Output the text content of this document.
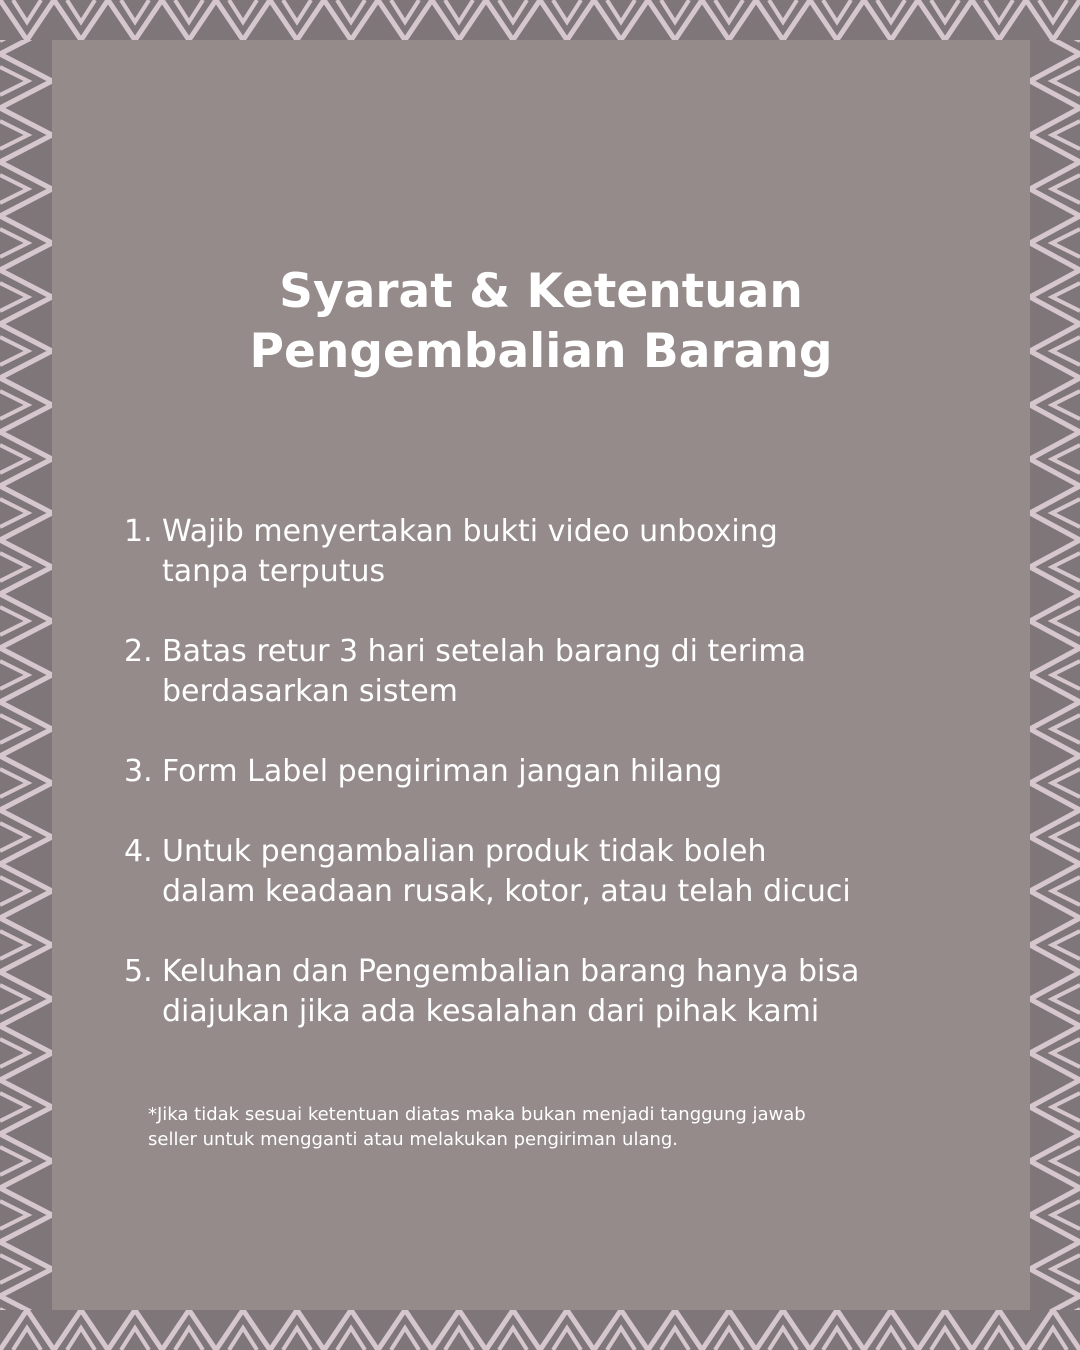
Syarat & Ketentuan
Pengembalian Barang
1. Wajib menyertakan bukti video unboxing
tanpa terputus
2. Batas retur 3 hari setelah barang di terima
berdasarkan sistem
3. Form Label pengiriman jangan hilang
4. Untuk pengambalian produk tidak boleh
dalam keadaan rusak, kotor, atau telah dicuci
5. Keluhan dan Pengembalian barang hanya bisa
diajukan jika ada kesalahan dari pihak kami

*Jika tidak sesuai ketentuan diatas maka bukan menjadi tanggung jawab
seller untuk mengganti atau melakukan pengiriman ulang.
